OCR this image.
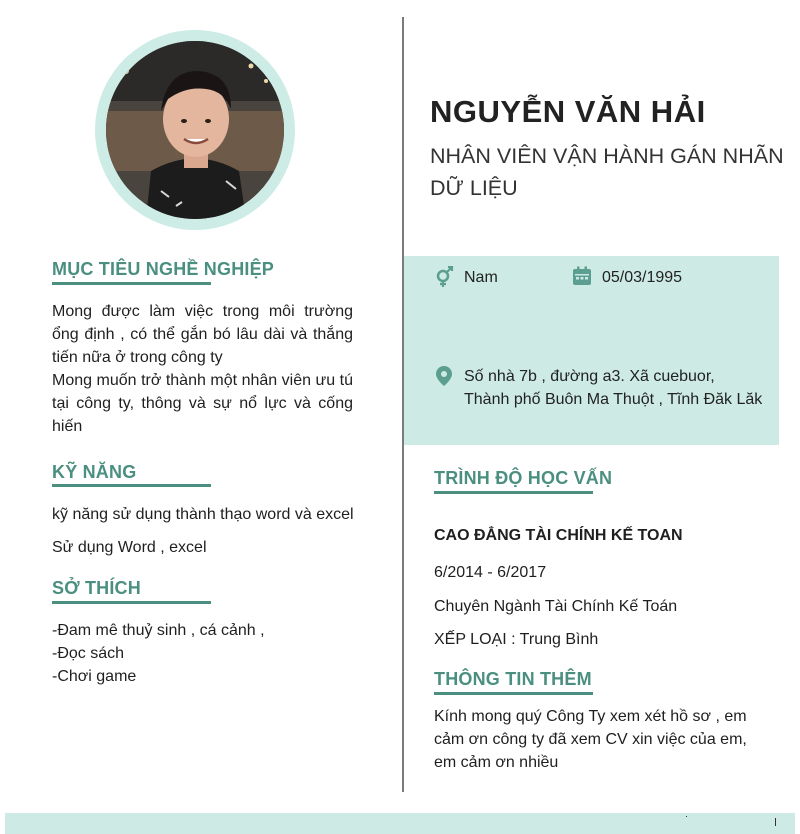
MỤC TIÊU NGHỀ NGHIỆP
Mong được làm việc trong môi trường ổng định , có thể gắn bó lâu dài và thắng tiến nữa ở trong công ty
Mong muốn trở thành một nhân viên ưu tú tại công ty, thông và sự nổ lực và cống hiến
KỸ NĂNG
kỹ năng sử dụng thành thạo word và excel
Sử dụng Word , excel
SỞ THÍCH
-Đam mê thuỷ sinh , cá cảnh ,
-Đọc sách
-Chơi game
NGUYỄN VĂN HẢI
NHÂN VIÊN VẬN HÀNH GÁN NHÃN
DỮ LIỆU
Nam	05/03/1995
Số nhà 7b , đường a3. Xã cuebuor, Thành phố Buôn Ma Thuột , Tĩnh Đăk Lăk
TRÌNH ĐỘ HỌC VẤN
CAO ĐẲNG TÀI CHÍNH KẾ TOAN
6/2014 - 6/2017
Chuyên Ngành Tài Chính Kế Toán
XẾP LOẠI : Trung Bình
THÔNG TIN THÊM
Kính mong quý Công Ty xem xét hồ sơ , em cảm ơn công ty đã xem CV xin việc của em, em cảm ơn nhiều
